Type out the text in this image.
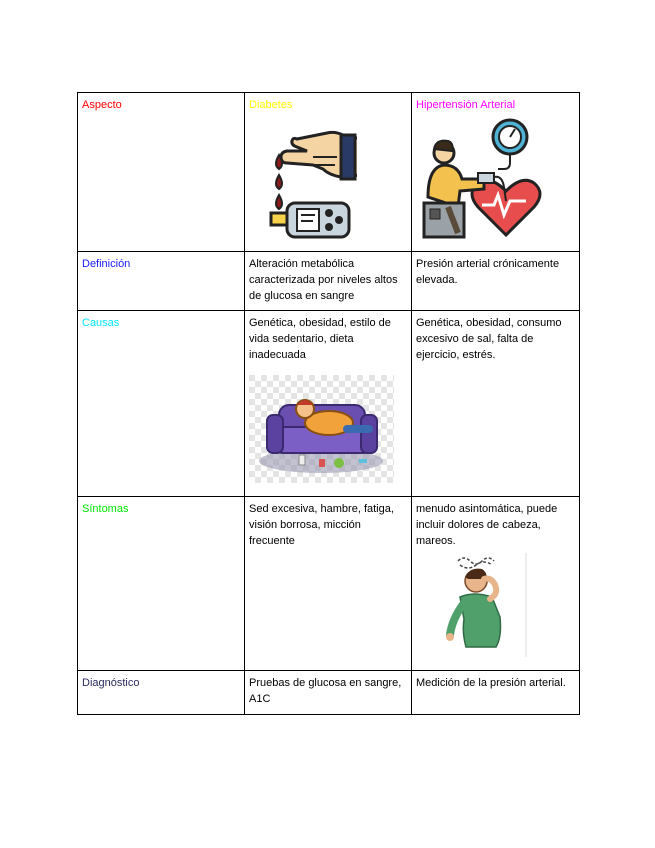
Aspecto	Diabetes	Hipertensión Arterial

Definición	Alteración metabólica caracterizada por niveles altos de glucosa en sangre	Presión arterial crónicamente elevada.
Causas	Genética, obesidad, estilo de vida sedentario, dieta inadecuada	Genética, obesidad, consumo excesivo de sal, falta de ejercicio, estrés.
Síntomas	Sed excesiva, hambre, fatiga, visión borrosa, micción frecuente	menudo asintomática, puede incluir dolores de cabeza, mareos.

Diagnóstico	Pruebas de glucosa en sangre, A1C	Medición de la presión arterial.
